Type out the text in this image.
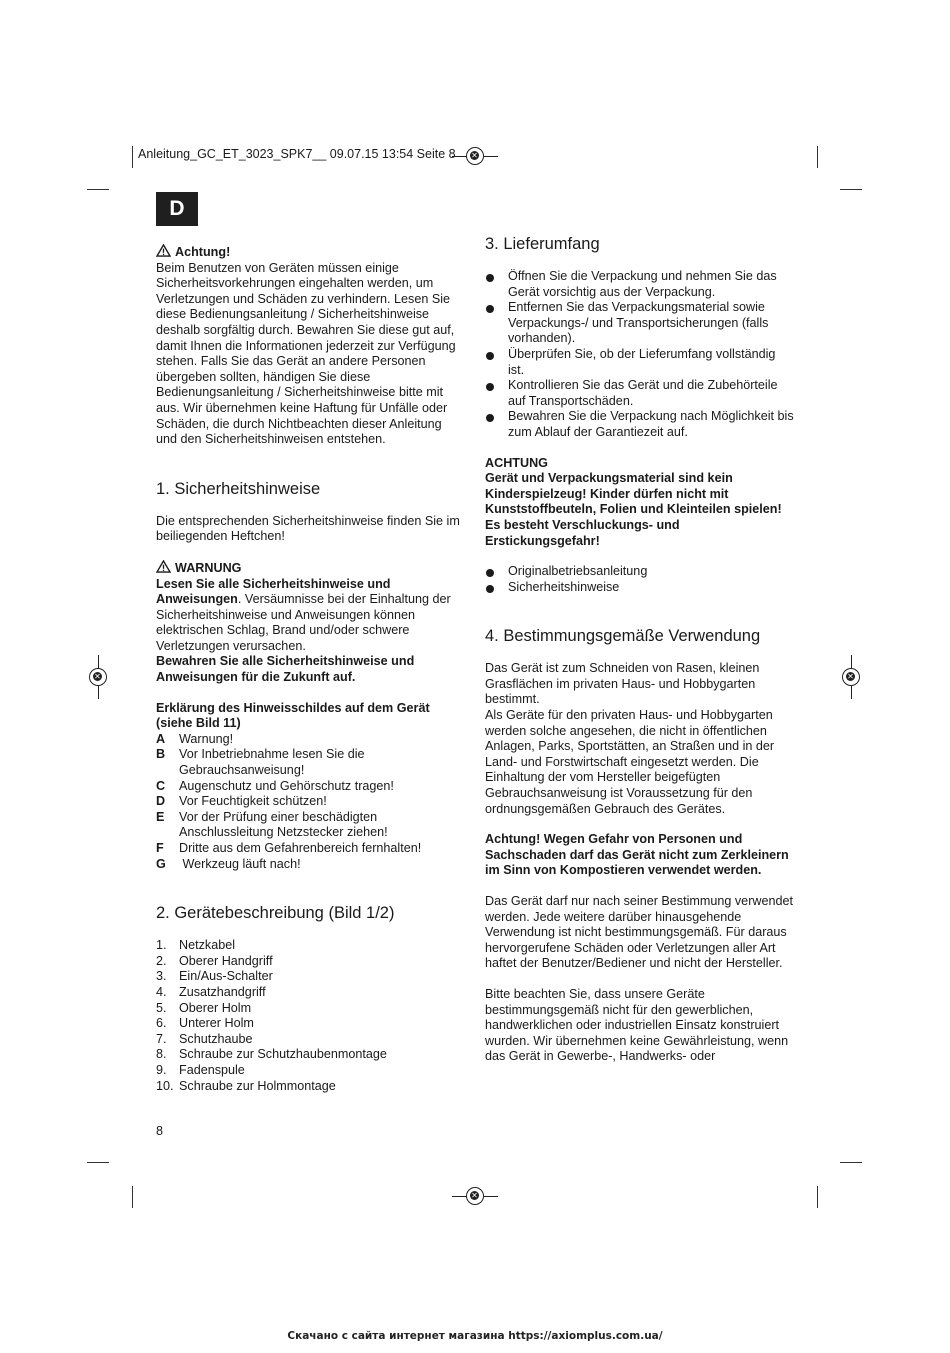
✕
✕
✕
✕
Anleitung_GC_ET_3023_SPK7__ 09.07.15 13:54 Seite 8
D

Achtung!

Beim Benutzen von Geräten müssen einige Sicherheitsvorkehrungen eingehalten werden, um Verletzungen und Schäden zu verhindern. Lesen Sie diese Bedienungsanleitung / Sicherheitshinweise deshalb sorgfältig durch. Bewahren Sie diese gut auf, damit Ihnen die Informationen jederzeit zur Verfügung stehen. Falls Sie das Gerät an andere Personen übergeben sollten, händigen Sie diese Bedienungsanleitung / Sicherheitshinweise bitte mit aus. Wir übernehmen keine Haftung für Unfälle oder Schäden, die durch Nichtbeachten dieser Anleitung und den Sicherheitshinweisen entstehen.

1. Sicherheitshinweise

Die entsprechenden Sicherheitshinweise finden Sie im beiliegenden Heftchen!

WARNUNG

Lesen Sie alle Sicherheitshinweise und Anweisungen. Versäumnisse bei der Einhaltung der Sicherheitshinweise und Anweisungen können elektrischen Schlag, Brand und/oder schwere Verletzungen verursachen.

Bewahren Sie alle Sicherheitshinweise und Anweisungen für die Zukunft auf.

Erklärung des Hinweisschildes auf dem Gerät (siehe Bild 11)

A Warnung!
B Vor Inbetriebnahme lesen Sie die Gebrauchsanweisung!
C Augenschutz und Gehörschutz tragen!
D Vor Feuchtigkeit schützen!
E Vor der Prüfung einer beschädigten Anschlussleitung Netzstecker ziehen!
F Dritte aus dem Gefahrenbereich fernhalten!
G Werkzeug läuft nach!
2. Gerätebeschreibung (Bild 1/2)
1. Netzkabel
2. Oberer Handgriff
3. Ein/Aus-Schalter
4. Zusatzhandgriff
5. Oberer Holm
6. Unterer Holm
7. Schutzhaube
8. Schraube zur Schutzhaubenmontage
9. Fadenspule
10. Schraube zur Holmmontage
8
3. Lieferumfang
Öffnen Sie die Verpackung und nehmen Sie das Gerät vorsichtig aus der Verpackung.
Entfernen Sie das Verpackungsmaterial sowie Verpackungs-/ und Transportsicherungen (falls vorhanden).
Überprüfen Sie, ob der Lieferumfang vollständig ist.
Kontrollieren Sie das Gerät und die Zubehörteile auf Transportschäden.
Bewahren Sie die Verpackung nach Möglichkeit bis zum Ablauf der Garantiezeit auf.

ACHTUNG

Gerät und Verpackungsmaterial sind kein Kinderspielzeug! Kinder dürfen nicht mit Kunststoffbeuteln, Folien und Kleinteilen spielen! Es besteht Verschluckungs- und Erstickungsgefahr!

Originalbetriebsanleitung
Sicherheitshinweise
4. Bestimmungsgemäße Verwendung

Das Gerät ist zum Schneiden von Rasen, kleinen Grasflächen im privaten Haus- und Hobbygarten bestimmt.

Als Geräte für den privaten Haus- und Hobbygarten werden solche angesehen, die nicht in öffentlichen Anlagen, Parks, Sportstätten, an Straßen und in der Land- und Forstwirtschaft eingesetzt werden. Die Einhaltung der vom Hersteller beigefügten Gebrauchsanweisung ist Voraussetzung für den ordnungsgemäßen Gebrauch des Gerätes.

Achtung! Wegen Gefahr von Personen und Sachschaden darf das Gerät nicht zum Zerkleinern im Sinn von Kompostieren verwendet werden.

Das Gerät darf nur nach seiner Bestimmung verwendet werden. Jede weitere darüber hinausgehende Verwendung ist nicht bestimmungsgemäß. Für daraus hervorgerufene Schäden oder Verletzungen aller Art haftet der Benutzer/Bediener und nicht der Hersteller.

Bitte beachten Sie, dass unsere Geräte bestimmungsgemäß nicht für den gewerblichen, handwerklichen oder industriellen Einsatz konstruiert wurden. Wir übernehmen keine Gewährleistung, wenn das Gerät in Gewerbe-, Handwerks- oder

Скачано с сайта интернет магазина https://axiomplus.com.ua/
